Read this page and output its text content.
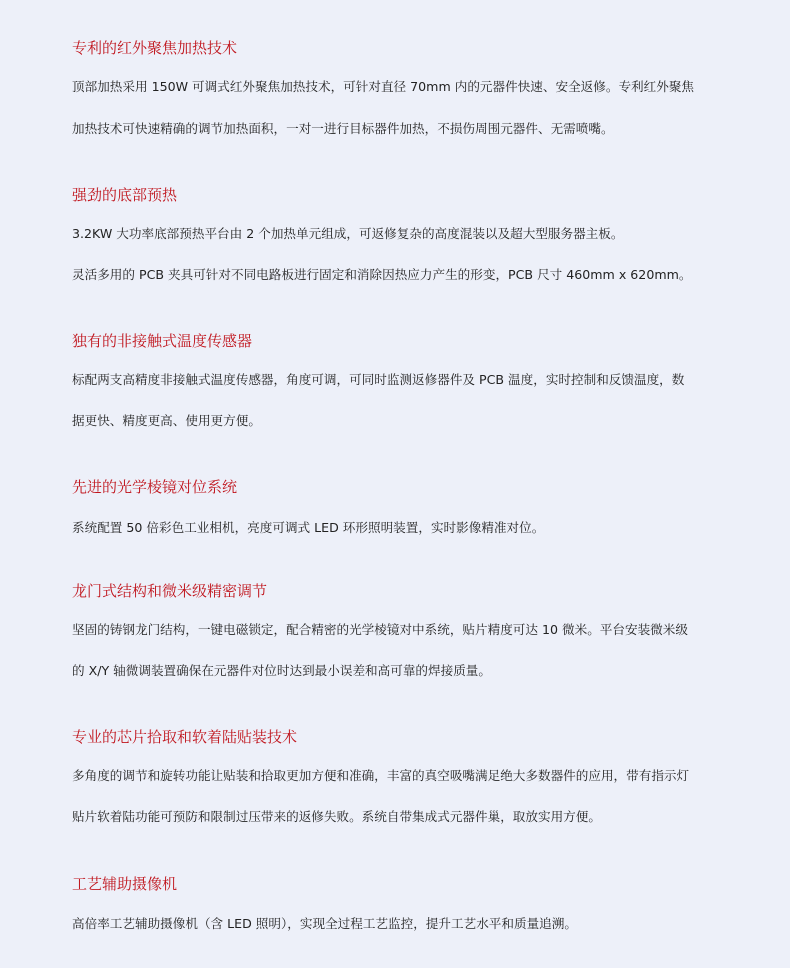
专利的红外聚焦加热技术
顶部加热采用 150W 可调式红外聚焦加热技术，可针对直径 70mm 内的元器件快速、安全返修。专利红外聚焦
加热技术可快速精确的调节加热面积，一对一进行目标器件加热，不损伤周围元器件、无需喷嘴。
强劲的底部预热
3.2KW 大功率底部预热平台由 2 个加热单元组成，可返修复杂的高度混装以及超大型服务器主板。
灵活多用的 PCB 夹具可针对不同电路板进行固定和消除因热应力产生的形变，PCB 尺寸 460mm x 620mm。
独有的非接触式温度传感器
标配两支高精度非接触式温度传感器，角度可调，可同时监测返修器件及 PCB 温度，实时控制和反馈温度，数
据更快、精度更高、使用更方便。
先进的光学棱镜对位系统
系统配置 50 倍彩色工业相机，亮度可调式 LED 环形照明装置，实时影像精准对位。
龙门式结构和微米级精密调节
坚固的铸钢龙门结构，一键电磁锁定，配合精密的光学棱镜对中系统，贴片精度可达 10 微米。平台安装微米级
的 X/Y 轴微调装置确保在元器件对位时达到最小误差和高可靠的焊接质量。
专业的芯片拾取和软着陆贴装技术
多角度的调节和旋转功能让贴装和拾取更加方便和准确，丰富的真空吸嘴满足绝大多数器件的应用，带有指示灯
贴片软着陆功能可预防和限制过压带来的返修失败。系统自带集成式元器件巢，取放实用方便。
工艺辅助摄像机
高倍率工艺辅助摄像机（含 LED 照明），实现全过程工艺监控，提升工艺水平和质量追溯。
